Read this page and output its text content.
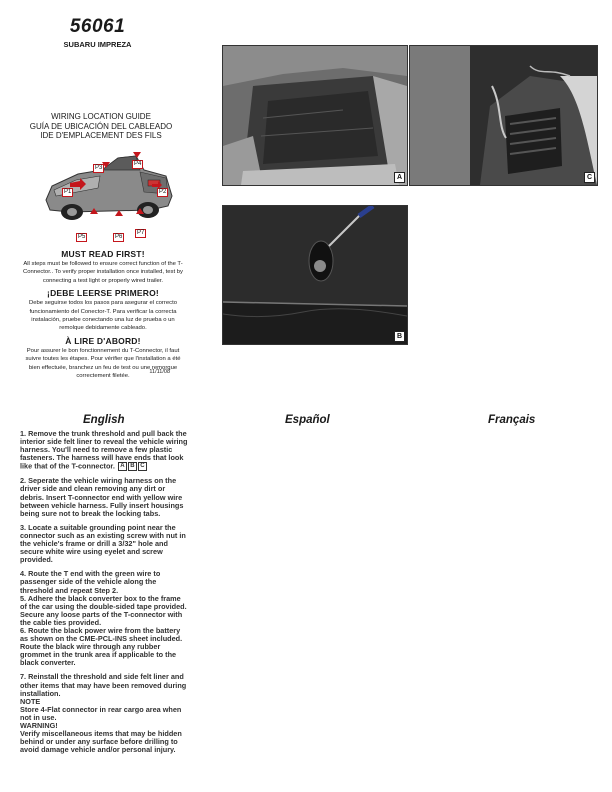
56061
SUBARU IMPREZA
WIRING LOCATION GUIDE
GUÍA DE UBICACIÓN DEL CABLEADO
IDE D'EMPLACEMENT DES FILS
P1	P2
P3
P4
P5	P6
P7
MUST READ FIRST!
All steps must be followed to ensure correct function of the T-Connector.. To verify proper installation once installed, test by connecting a test light or properly wired trailer.
¡DEBE LEERSE PRIMERO!
Debe seguirse todos los pasos para asegurar el correcto funcionamiento del Conector-T. Para verificar la correcta instalación, pruebe conectando una luz de prueba o un remolque debidamente cableado.
À LIRE D'ABORD!
Pour assurer le bon fonctionnement du T-Connector, il faut suivre toutes les étapes. Pour vérifier que l'installation a été bien effectuée, branchez un feu de test ou une remorque correctement filetée.
11/11/08
A	C
B
English	Español	Français

1. Remove the trunk threshold and pull back the interior side felt liner to reveal the vehicle wiring harness. You'll need to remove a few plastic fasteners. The harness will have ends that look like that of the T-connector. A B C

2. Seperate the vehicle wiring harness on the driver side and clean removing any dirt or debris. Insert T-connector end with yellow wire between vehicle harness. Fully insert housings being sure not to break the locking tabs.

3. Locate a suitable grounding point near the connector such as an existing screw with nut in the vehicle's frame or drill a 3/32" hole and secure white wire using eyelet and screw provided.

4. Route the T end with the green wire to passenger side of the vehicle along the threshold and repeat Step 2.

5. Adhere the black converter box to the frame of the car using the double-sided tape provided. Secure any loose parts of the T-connector with the cable ties provided.

6. Route the black power wire from the battery as shown on the CME-PCL-INS sheet included. Route the black wire through any rubber grommet in the trunk area if applicable to the black converter.

7. Reinstall the threshold and side felt liner and other items that may have been removed during installation.

NOTE

Store 4-Flat connector in rear cargo area when not in use.

WARNING!

Verify miscellaneous items that may be hidden behind or under any surface before drilling to avoid damage vehicle and/or personal injury.
